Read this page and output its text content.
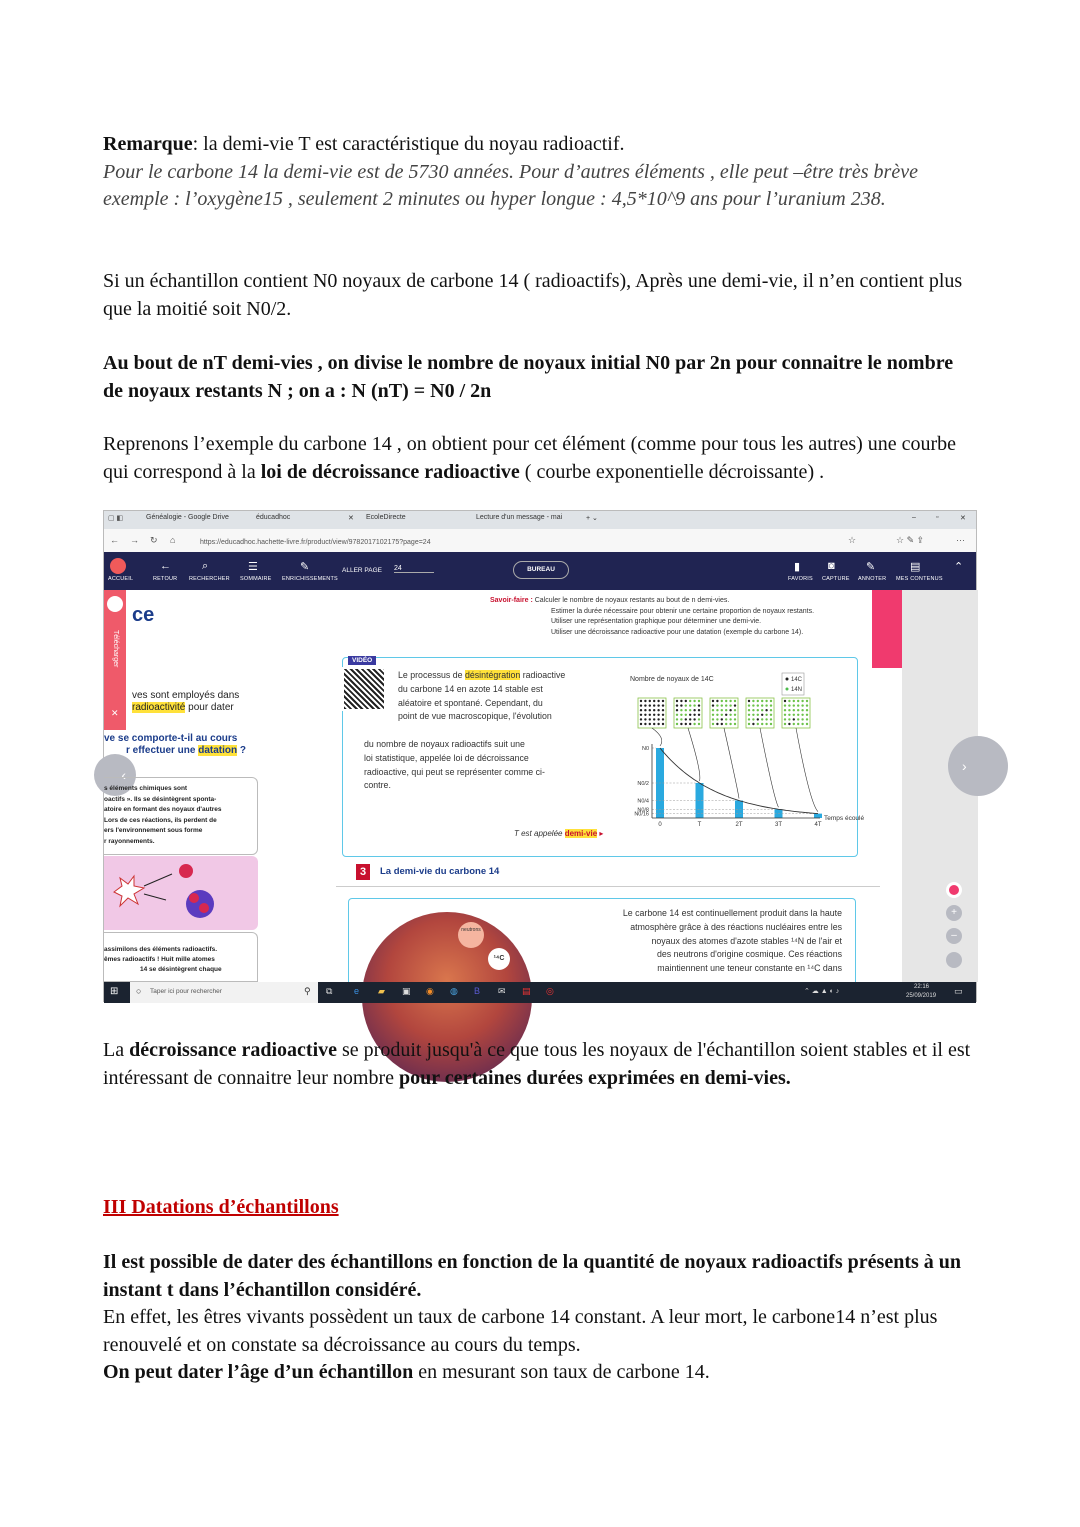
Remarque: la demi-vie T est caractéristique du noyau radioactif.
Pour le carbone 14 la demi-vie est de 5730 années. Pour d’autres éléments , elle peut –être très brève exemple : l’oxygène15 , seulement 2 minutes ou hyper longue : 4,5*10^9 ans pour l’uranium 238.
Si un échantillon contient N0 noyaux de carbone 14 ( radioactifs), Après une demi-vie, il n’en contient plus que la moitié soit N0/2.
Au bout de nT demi-vies , on divise le nombre de noyaux initial N0 par 2n pour connaitre le nombre de noyaux restants N ; on a : N (nT) = N0 / 2n
Reprenons l’exemple du carbone 14 , on obtient pour cet élément (comme pour tous les autres) une courbe qui correspond à la loi de décroissance radioactive ( courbe exponentielle décroissante) .
▢ ◧	Généalogie - Google Drive	éducadhoc	✕ EcoleDirecte	Lecture d'un message - mai	+ ⌄	–	▫	✕
← → ↻ ⌂	https://educadhoc.hachette-livre.fr/product/view/9782017102175?page=24	☆	☆ ✎ ⇪	···
ACCUEIL
←
RETOUR
⌕
RECHERCHER
☰
SOMMAIRE
✎
ENRICHISSEMENTS
ALLER PAGE 24	BUREAU	▮
FAVORIS
◙
CAPTURE
✎
ANNOTER
▤
MES CONTENUS
⌃
Télécharger
✕
ce
ves sont employés dans
radioactivité pour dater
ve se comporte-t-il au cours
r effectuer une datation ?
‹
s éléments chimiques sont
oactifs ». Ils se désintègrent sponta-
atoire en formant des noyaux d'autres
Lors de ces réactions, ils perdent de
ers l'environnement sous forme
r rayonnements.
assimilons des éléments radioactifs.
êmes radioactifs ! Huit mille atomes
14 se désintègrent chaque
Savoir-faire : Calculer le nombre de noyaux restants au bout de n demi-vies.
Estimer la durée nécessaire pour obtenir une certaine proportion de noyaux restants.
Utiliser une représentation graphique pour déterminer une demi-vie.
Utiliser une décroissance radioactive pour une datation (exemple du carbone 14).
VIDÉO
Le processus de désintégration radioactive
du carbone 14 en azote 14 stable est
aléatoire et spontané. Cependant, du
point de vue macroscopique, l'évolution
du nombre de noyaux radioactifs suit une
loi statistique, appelée loi de décroissance
radioactive, qui peut se représenter comme ci-
contre.
T est appelée demi-vie ▸
Nombre de noyaux de 14C	14C
14N
N0
N0/2
N0/4
N0/8
N0/16
0	T	2T	3T	4T
Temps écoulé
3	La demi-vie du carbone 14
neutrons
¹⁴C
Le carbone 14 est continuellement produit dans la haute
atmosphère grâce à des réactions nucléaires entre les
noyaux des atomes d'azote stables ¹⁴N de l'air et
des neutrons d'origine cosmique. Ces réactions
maintiennent une teneur constante en ¹⁴C dans
›
+
–
⊞ ○ Taper ici pour rechercher	⚲ ⧉ e ▰ ▣ ◉ ◍ B ✉ ▤ ◎	⌃ ☁ ▲ ◐ ♪
22:16
25/09/2019 ▭
La décroissance radioactive se produit jusqu'à ce que tous les noyaux de l'échantillon soient stables et il est intéressant de connaitre leur nombre pour certaines durées exprimées en demi-vies.
III Datations d’échantillons
Il est possible de dater des échantillons en fonction de la quantité de noyaux radioactifs présents à un instant t dans l’échantillon considéré.
En effet, les êtres vivants possèdent un taux de carbone 14 constant. A leur mort, le carbone14 n’est plus renouvelé et on constate sa décroissance au cours du temps.
On peut dater l’âge d’un échantillon en mesurant son taux de carbone 14.
